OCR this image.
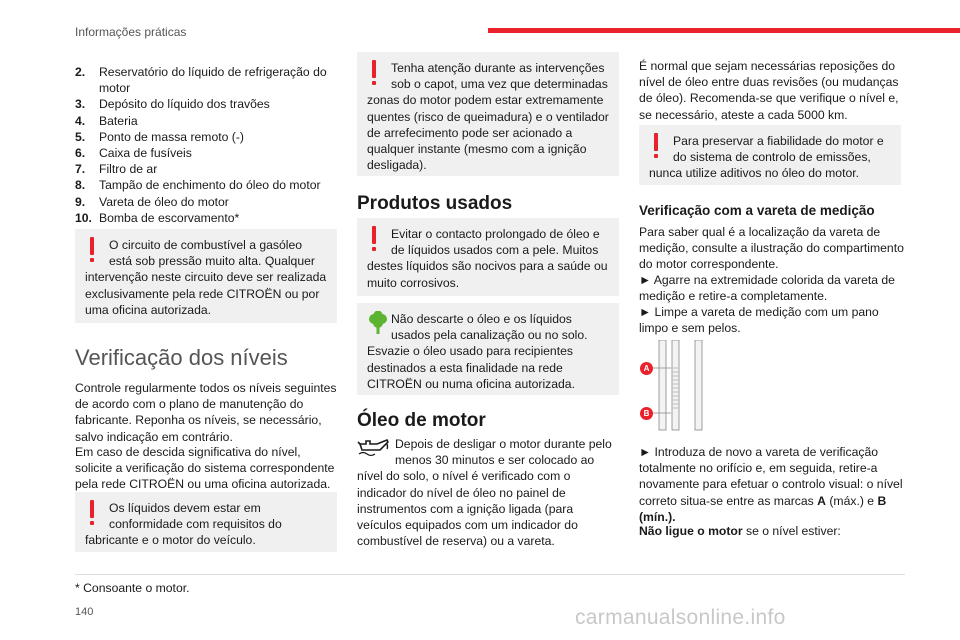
Informações práticas
2.	Reservatório do líquido de refrigeração do motor
3.	Depósito do líquido dos travões
4.	Bateria
5.	Ponto de massa remoto (-)
6.	Caixa de fusíveis
7.	Filtro de ar
8.	Tampão de enchimento do óleo do motor
9.	Vareta de óleo do motor
10. Bomba de escorvamento*
O circuito de combustível a gasóleo está sob pressão muito alta. Qualquer intervenção neste circuito deve ser realizada exclusivamente pela rede CITROËN ou por uma oficina autorizada.
Verificação dos níveis
Controle regularmente todos os níveis seguintes de acordo com o plano de manutenção do fabricante. Reponha os níveis, se necessário, salvo indicação em contrário.
Em caso de descida significativa do nível, solicite a verificação do sistema correspondente pela rede CITROËN ou uma oficina autorizada.
Os líquidos devem estar em conformidade com requisitos do fabricante e o motor do veículo.
Tenha atenção durante as intervenções sob o capot, uma vez que determinadas zonas do motor podem estar extremamente quentes (risco de queimadura) e o ventilador de arrefecimento pode ser acionado a qualquer instante (mesmo com a ignição desligada).
Produtos usados
Evitar o contacto prolongado de óleo e de líquidos usados com a pele. Muitos destes líquidos são nocivos para a saúde ou muito corrosivos.
Não descarte o óleo e os líquidos usados pela canalização ou no solo. Esvazie o óleo usado para recipientes destinados a esta finalidade na rede CITROËN ou numa oficina autorizada.
Óleo de motor
Depois de desligar o motor durante pelo menos 30 minutos e ser colocado ao nível do solo, o nível é verificado com o indicador do nível de óleo no painel de instrumentos com a ignição ligada (para veículos equipados com um indicador do combustível de reserva) ou a vareta.
É normal que sejam necessárias reposições do nível de óleo entre duas revisões (ou mudanças de óleo). Recomenda-se que verifique o nível e, se necessário, ateste a cada 5000 km.
Para preservar a fiabilidade do motor e do sistema de controlo de emissões, nunca utilize aditivos no óleo do motor.
Verificação com a vareta de medição
Para saber qual é a localização da vareta de medição, consulte a ilustração do compartimento do motor correspondente.
► Agarre na extremidade colorida da vareta de medição e retire-a completamente.
► Limpe a vareta de medição com um pano limpo e sem pelos.
A
B
► Introduza de novo a vareta de verificação totalmente no orifício e, em seguida, retire-a novamente para efetuar o controlo visual: o nível correto situa-se entre as marcas A (máx.) e B
(mín.).
Não ligue o motor se o nível estiver:
* Consoante o motor.
140	carmanualsonline.info
